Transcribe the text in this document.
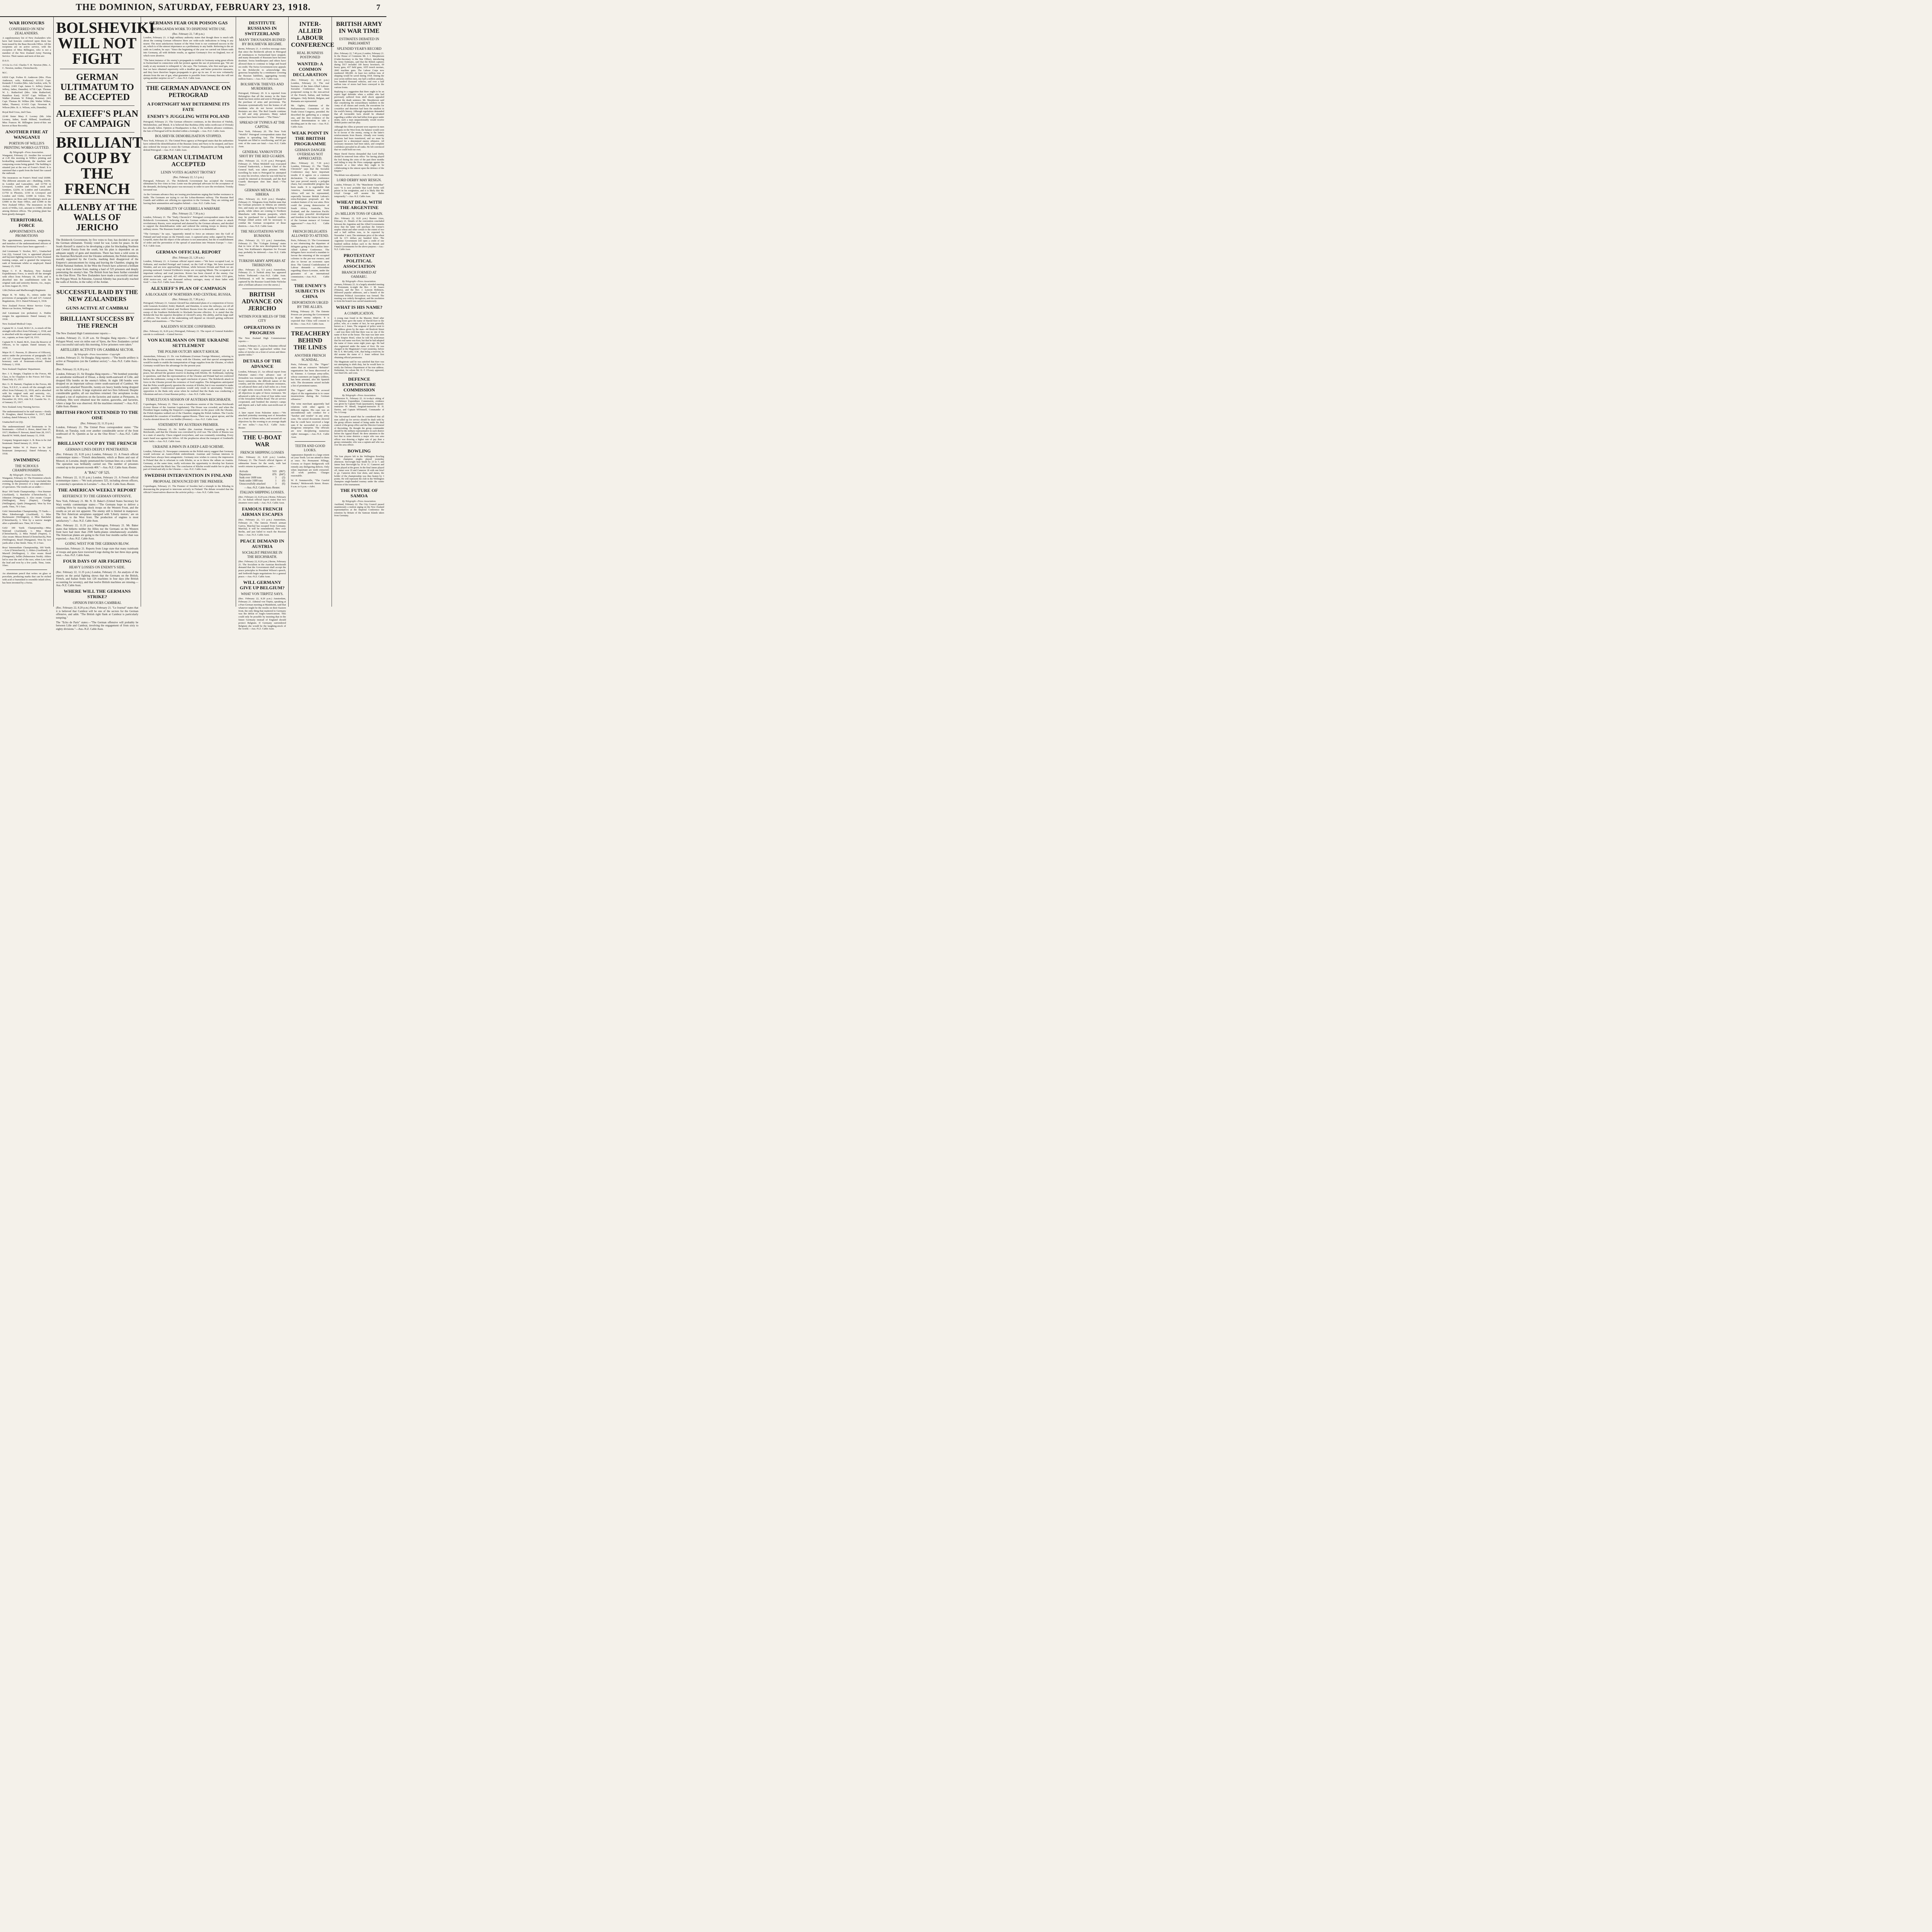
THE DOMINION, SATURDAY, FEBRUARY 23, 1918.	7
WAR HONOURS
CONFERRED ON NEW ZEALANDERS.

A supplementary list of New Zealanders who have had honours conferred upon them has been issued by the Base Records Office. All the recipients are on active service, with the exception of Miss Billington, who is not a member of the New Zealand Army Nursing Service. Their names and next-of-kin are:

D.S.O.

3/112a Lt.-Col. Charles T. H. Newton (Mrs. A. C. Newton, mother, Christchurch).

M.C.

6/830 Capt. Forbes H. Anderson (Mrs. Flora Anderson, wife, Kaikoura). 8/1110 Capt. Kenneth F. Gordon (Mrs. Ada Gordon, wife, Te Aroha). 2/401 Capt. James G. Jeffery (James Jeffery, father, Dunedin). 6/718 Capt. Thomas W. L. Rutherford (Mrs. John Rutherford, Hamilton East). 16/187 Capt. William H. Walker (Kamata W. Pohupi, Rotorua). 24/6 Capt. Thomas M. Wilkes (Mr. Walter Wilkes, father, Thames). 6/1433 Capt. Newman R. Wilson (Mrs. B. A. Wilson, wife, Dunedin).

Royal Red Cross, 2nd Class.

22/40 Sister Mary F. Looney (Mr. John Looney, father, South Hillend, Southland). Miss Frances M. Billington (next-of-kin not known at Base Records).

ANOTHER FIRE AT WANGANUI
PORTION OF WILLIS'S PRINTING WORKS GUTTED.
By Telegraph—Press Association.

Wanganui, February 22. Another fire occurred at 2.45 this morning in Willis's printing and bookselling establishment, the machine and composing rooms being gutted. The building is situated just at the rear of Foster's Hotel. It is surmised that a spark from the hotel fire caused the outbreak.

The insurances on Foster's Hotel total £6000. The different amounts are:—Building, £4250, in London and Lancashire, and £1750 in Liverpool, London and Globe; stock and furniture, £2250, in London and Lancashire, £1750 in Phoenix, £150 in Liverpool and London and Globe, £1000 in Union. The insurances on Ross and Glendining's stock are £3000 in the State Office, and £1000 in the New Zealand Office. The insurances on the stock of Willis, Ltd., amount to £3000, divided among thirteen offices. The printing plant has been greatly damaged.

TERRITORIAL FORCE
APPOINTMENTS AND PROMOTIONS

The appointments, promotions, resignations, and transfers of the undermentioned officers of the Territorial Force have been approved:—

2nd Lieutenant V. Stocker, M.C., Unattached List (Q), General List, is appointed physical and bayonet-fighting instructor in New Zealand training camps, and is granted the temporary rank of lieutenant whilst so employed. Dated January 25, 1918.

Major C. F. R. Mackesy, New Zealand Expeditionary Force, is struck off the strength with effect from February 18, 1918, and is absorbed into the establishment with his original rank and seniority thereto, viz., major, as from August 26, 1916.

12th (Nelson and Marlborough) Regiment.

Major R. W. Sidey, D., retires under the provisions of paragraphs 126 and 127, General Regulations, 1913. Dated February 6, 1918.

New Zealand Forces Motor Service Corps. Motor-car Section, Wellington.

2nd Lieutenant (on probation) A. Duthie resigns his appointment. Dated January 24, 1918.

New Zealand Medical Corps.

Captain W. A. Good, M.R.C.S., is struck off the strength with effect from February 1, 1918, and is absorbed with his original rank and seniority, viz., captain, as from April 18, 1911.

Captain W. S. Baird, M.D., from the Reserve of Officers, to be captain. Dated January 10, 1918.

Major H. C. Parsons, D. (Reserve of Officers), retires under the provisions of paragraphs 126 and 127, General Regulations, 1913, with the honorary rank of lieutenant-colonel. Dated February 1, 1918.

New Zealand Chaplains' Department.

Rev. J. S. Burgin, Chaplain to the Forces, 4th Class, to be Chaplain to the Forces 3rd Class. Dated July 21, 1917.

Rev. G. H. Barnett, Chaplain to the Forces, 4th Class, N.Z.E.F., is struck off the strength with effect from February 22, 1918, and is absorbed with his original rank and seniority, viz., chaplain to the Forces, 4th Class, as from December 20, 1916, vide N.Z. Gazette No. 11, of January 25, 1917.

New Zealand Army Nursing Service.

The undermentioned to be staff nurses:—Emily H. Douglass, dated November 6, 1917; Ruth Lindsay, dated February 4, 1918.

Unattached List (Q).

The undermentioned 2nd lieutenants to be lieutenants:—Gifford A. Rowe, dated June 25, 1917; Matthew P. Stewart, dated June 28, 1917; Harold W. Webb, dated January 15, 1918.

Company Sergeant-major A. B. Ross to be 2nd lieutenant. Dated January 21, 1918.

Sergeant Walter W. P. Pearce to be 2nd lieutenant (temporary). Dated February 4, 1918.

SWIMMING
THE SCHOOLS CHAMPIONSHIPS.
By Telegraph—Press Association.

Wanganui, February 22. The Dominion schools swimming championships were concluded this evening, in the presence of a large attendance of spectators. The results are as under:—

Boys' 100 Yards Championship.—Von Sturmer (Auckland), 1; Batcheler (Christchurch), 2; Johnston (Wanganui), 3. Also swam: Cooper (Wellington), Perry (Napier), Claridge (Wellington), Quirk (Wanganui). Won by five yards. Time, 70 1-5sec.

Girls' Intermediate Championship, 75 Yards.—Miss Edenborough (Auckland), 1; Miss Buckmaster (Wellington), 2; Miss Batcheler (Christchurch), 3. Won by a narrow margin after a splendid race. Time, 60 3-5sec.

Girls' 100 Yards Championship.—Miss Walrond (Auckland), 1; Miss Shand (Christchurch), 2; Miss Nuttall (Napier), 3. Also swam: Misses Bristol (Christchurch), Pent (Wellington), Braid (Wanganui). Won by two yards after a fine finish. Time, 91 2-5sec.

Boys' Intermediate Championship, 100 Yards.—Lew (Christchurch), 1; Ahlers (Auckland), 2; Murrell (Wellington), 3. Also swam: Bond (Wanganui), Sellitt (Palmerston North). Ahlers led to near the end of the race, when Lew took the lead and won by a few yards. Time, 1min. 10sec.

An aluminium pencil that writes on glass or porcelain, producing marks that can be etched with acid or burnished to resemble inlaid silver, has been invented by a Swiss.

BOLSHEVIKI WILL NOT FIGHT
GERMAN ULTIMATUM TO BE ACCEPTED
ALEXIEFF'S PLAN OF CAMPAIGN
BRILLIANT COUP BY THE FRENCH
ALLENBY AT THE WALLS OF JERICHO

The Bolshevik Government, by five votes to four, has decided to accept the German ultimatum. Trotsky voted for war, Lenin for peace. In the South Alexieff is stated to be developing a plan for blockading Northern and Central Russia from the south, but his plan is dependent on an adequate supply of guns and munitions. There has been a wild scene in the Austrian Reichsrath over the Ukraine settlement, the Polish members, morally supported by the Czechs, marking their disapproval of the Emperor's announcement by rising and leaving the Chamber, singing the Polish National Anthem. In the West the French have achieved a brilliant coup on their Lorraine front, making a haul of 525 prisoners and deeply penetrating the enemy's line. The British front has been further extended to the Oise River. The New Zealanders have made a successful raid near the Polygon Wood. In Palestine, General Allenby has practically reached the walls of Jericho, in the valley of the Jordan.

SUCCESSFUL RAID BY THE NEW ZEALANDERS
GUNS ACTIVE AT CAMBRAI
BRILLIANT SUCCESS BY THE FRENCH

The New Zealand High Commissioner reports:—

London, February 21, 11.20 a.m. Sir Douglas Haig reports:—"East of Polygon Wood, west six miles east of Ypres, the New Zealanders carried out a successful raid early this morning. A few prisoners were taken."

ARTILLERY ACTIVITY ON CAMBRAI SECTOR.
By Telegraph—Press Association—Copyright

London, February 21. Sir Douglas Haig reports:—"The hostile artillery is active at Flesquieres (on the Cambrai sector)."—Aus.-N.Z. Cable Assn.-Reuter.

(Rec. February 22, 8.20 p.m.)

London, February 21. Sir Douglas Haig reports:—"We bombed yesterday an aerodrome northward of Douai, a dump north-eastward of Lille, and dropped fifty bombs on the enemy's billets. At night 180 bombs were dropped on an important railway centre south-eastward of Cambrai. We successfully attacked Thionville, twenty-six heavy bombs being dropped on the railway station. A large explosion and two fires followed. Despite considerable gunfire, all our machines returned. Our aeroplanes to-day dropped a ton of explosives on the factories and station at Pirmasens, in Germany. Hits were obtained near the station, gasworks, and factories, where a large fire was observed. All the machines returned."—Aus.-N.Z. Cable Assn.-Reuter.

BRITISH FRONT EXTENDED TO THE OISE
(Rec. February 22, 11.35 p.m.)

London, February 21. The United Press correspondent states: "The British, on Tuesday, took over another considerable sector of the front southward of St. Quentin as far as the Oise River."—Aus.-N.Z. Cable Assn.

BRILLIANT COUP BY THE FRENCH
GERMAN LINES DEEPLY PENETRATED.

(Rec. February 22, 8.20 p.m.) London, February 21. A French official communique states:—"French detachments, which at Bures and east of Moncel, in Lorraine, deeply penetrated the German lines on a wide front. The operation was brilliantly carried out. The number of prisoners counted up to the present exceeds 400."—Aus.-N.Z. Cable Assn.-Reuter.

A "BAG" OF 525.

(Rec. February 22, 11.35 p.m.) London, February 21. A French official communique states:—"We took prisoners 525, including eleven officers, in yesterday's operations in Lorraine."—Aus.-N.Z. Cable Assn.-Reuter.

THE AMERICAN WEEKLY REPORT
REFERENCE TO THE GERMAN OFFENSIVE.

New York, February 21. Mr. N. D. Baker's (United States Secretary for War) weekly communique states:—"The Germans hope to deliver a crushing blow by massing shock troops on the Western Front, and the results as yet are not apparent. The enemy still is limited in manpower. The first American aeroplanes equipped with 'Liberty motors,' are on their way to the West front. The production of engines is most satisfactory."—Aus.-N.Z. Cable Assn.

(Rec. February 22, 11.35 p.m.) Washington, February 21. Mr. Baker states that hitherto neither the Allies nor the Germans on the Western front have had more than 2500 battle-planes simultaneously available. The American planes are going to the front four months earlier than was expected.—Aus.-N.Z. Cable Assn.

GOING WEST FOR THE GERMAN BLOW.

Amsterdam, February 21. Reports from Liege state that many trainloads of troops and guns have traversed Liege during the last three days going west.—Aus.-N.Z. Cable Assn.

FOUR DAYS OF AIR FIGHTING
HEAVY LOSSES ON ENEMY'S SIDE.

(Rec. February 22, 11.35 p.m.) London, February 21. An analysis of the reports on the aerial fighting shows that the Germans on the British, French, and Italian fronts lost 126 machines in four days (the British accounting for seventy), and that twelve British machines are missing.—Aus.-N.Z. Cable Assn.

WHERE WILL THE GERMANS STRIKE?
OPINION FAVOURS CAMBRAI.

(Rec. February 22, 8.20 p.m.) Paris, February 21. "Le Journal" states that it is believed that Cambrai will be one of the sectors for the German offensive, and adds: "The British right flank at Cambrai is particularly tempting."

The "Echo de Paris" states:—"The German offensive will probably be between Lille and Cambrai, involving the engagement of from sixty to eighty divisions."—Aus.-N.Z. Cable Assn.

GERMANS FEAR OUR POISON GAS
PROPAGANDA WORK TO DISPENSE WITH USE.
(Rec. February 22, 7.40 p.m.)

London, February 21. A high military authority states that though there is much talk about the coming German offensive there are wide-scale indications to bring it any nearer. The most satisfactory feature of the West front is our continued success in the air, which is of the utmost importance as a preliminary to any battle. Referring to the air raids on London, he says: "Since the beginning of the year we carried out fifteen raids into Germany, all with definite results, as against Germany's five on England, two of which were abortive.

"The latest instance of the enemy's propaganda is visible in Germany using great efforts in Switzerland in connection with her protest against the use of poisonous gas. 'We are ready at any moment to relinquish it,' she says. The Germans, who first used gas, now fear we have obtained superiority with a deadlier gas, and better protective measures, and they have therefore begun propaganda to give up its use. If we now voluntarily abstain from the use of gas, what guarantee is possible from Germany that she will not spring another surprise on us?"—Aus.-N.Z. Cable Assn.

THE GERMAN ADVANCE ON PETROGRAD
A FORTNIGHT MAY DETERMINE ITS FATE
ENEMY'S JUGGLING WITH POLAND

Petrograd, February 21. The German offensive continues, in the direction of Vitebsk, Molodetchno, and Minsk. It is believed that Rezhitsa (fifty miles north-east of Dvinsk) has already fallen. Opinion at Headquarters is that, if the northern advance continues, the fate of Petrograd will be decided within a fortnight.—Aus.-N.Z. Cable Assn.

BOLSHEVIK DEMOBILISATION STOPPED.

New York, February 21. The United Press agency at Petrograd states that the authorities have ordered the demobilisation of the Russian Army and Navy to be stopped, and have also ordered the troops to resist the German advance. Preparations are being made to defend Petrograd.—Aus.-N.Z. Cable Assn.

GERMAN ULTIMATUM ACCEPTED
LENIN VOTES AGAINST TROTSKY
(Rec. February 22, 5.5 p.m.)

Petrograd, February 21. The Bolshevik Government has accepted the German ultimatum by five votes to four. Lenin was the principal advocate for the acceptance of the demands, declaring that peace was necessary in order to save the revolution. Trotsky favoured war.

As the Germans advance they are issuing proclamations urging that further resistance is futile. The Germans are trying to cut the Lebau-Reemen railway. The Russian Red Guards and soldiers are offering no opposition to the Germans. They are retiring and leaving their ammunition and supplies behind.—Aus.-N.Z. Cable Assn.

POSSIBILITY OF GUERRILLA WARFARE
(Rec. February 22, 7.30 p.m.)

London, February 21. The "Daily Chronicle's" Petrograd correspondent states that the Bolshevik Government, believing that the German soldiers would refuse to attack revolutionary Russia, were surprised and alarmed by the German advance, and decided to support the demobilisation order and ordered the retiring troops to destroy their military stores. The Russians found too easily to cease to re-demobilise.

"The Germans," he says, "apparently intend to force an entrance into the Gulf of Finland and land troops on the Finnish coast. A captured army order, signed by Prince Leopold, states that the object of the advance is not annexation, but the re-establishment of order and the prevention of the spread of anarchism into Western Europe."—Aus.-N.Z. Cable Assn.

GERMAN OFFICIAL REPORT
(Rec. February 22, 1.20 a.m.)

London, February 21. A German official report states:—"We have occupied Leal, in Esthonia, and reached Pernigel and Lemsal, on the Gulf of Riga. We have traversed Wenden, and are now approaching Wolmar, while between Dvinsk and Pinsk we are pressing eastward. General Eichhorn's troops are occupying Minsk. The occupation of important railway and road junctions. Rovno has been cleared of the enemy. Our prisoners include a general, 425 officers, 9000 men; and the booty totals 1353 guns, 4500 motor-cars, and one thousand railway carriages, many of them laden with food."—Aus.-N.Z. Cable Assn.-Reuter.

ALEXIEFF'S PLAN OF CAMPAIGN
A BLOCKADE OF NORTHERN AND CENTRAL RUSSIA.
(Rec. February 22, 7.30 p.m.)

Petrograd, February 21. General Alexieff has elaborated plans of a conjunction of forces with Generals Kornilof, Erdel, Markoff, and Denekin, to seize the railways, cut off all communications with Central and Northern Russia from the south, and make a clean sweep of the Southern Bolsheviki to blockade become effective. It is stated that the Bolsheviki fear the superior discipline of Alexieff's army. His ability, and his large staff of officers. The results of the undertaking will depend on Alexieff getting sufficient artillery and munitions.—"The Times."

KALEDIN'S SUICIDE CONFIRMED.

(Rec. February 22, 8.20 p.m.) Petrograd, February 21. The report of General Kaledin's suicide is confirmed.—United Service.

VON KUHLMANN ON THE UKRAINE SETTLEMENT
THE POLISH OUTCRY ABOUT KHOLM.

Amsterdam, February 21. Dr. von Kuhlmann (German Foreign Minister), referring in the Reichstag to the economic treaty with the Ukraine, said that special arrangements would be made to enable the transportation of huge supplies from the Ukraine, of which Germany would have the advantage for the present year.

During the discussion, Herr Westarp (Conservative) expressed unmixed joy at the peace, but advised the greatest reserve in dealing with Kholm. Dr. Kuhlmann, replying to questions, said that the representatives of the Ukraine and Poland had not conferred before the settlement, owing to the rapid conclusion of peace. The Bolshevik attack in force in the Ukraine proved the existence of food supplies. The delegations anticipated that the Poles would gravely question the cession of Kholm, but it was essential to make peace speedily. Controversial questions would only result in uncertainty. Trotsky's opposition to the Rada only arose when he realised that the Rada was conducting a Ukrainian and not a Great Russian policy.—Aus.-N.Z. Cable Assn.

TUMULTUOUS SESSION OF AUSTRIAN REICHSRATH.

Copenhagen, February 21. There was a tumultuous session of the Vienna Reichsrath (Lower House of the Austrian Legislature). The House was crowded, and when the President began reading the Emperor's congratulations on the peace with the Ukraine, the Polish deputies walked out of the Chamber, singing the Polish Anthem. The Czechs demanded the cessation of hostilities against Russia. There was a great uproar, and the Czechs shouted down Dr. von Seidler (Premier).—Aus.-N.Z. Cable Assn.

STATEMENT BY AUSTRIAN PREMIER.

Amsterdam, February 21. Dr. Seidler (the Austrian Premier), speaking in the Reichsrath, said that the Ukraine was convulsed by civil war. The whole of Russia was in a state of anarchy. Chaos reigned everywhere, and was constantly extending. Every man's hand was against his fellow. All the prophecies about the transport of foodstuffs were futile.—Aus.-N.Z. Cable Assn.

UKRAINE A PAWN IN A DEEP-LAID SCHEME.

London, February 21. Newspaper comments on the Polish outcry suggest that Germany would welcome an Austro-Polish embroilment. Austrian and German interests in Poland have always been antagonistic. Germany now wishes to convey the impression in Poland that she is reluctant to cede Kholm, so as to throw the odium on Austria. Germany, at the same time, really welcomes the opportunity to develop her Eastern schemes beyond the Black Sea. The conclusion of Kholm would enable her to play the part of friend and ally to the Ukraine.—Aus.-N.Z. Cable Assn.

SWEDISH INTERVENTION IN FINLAND
PROPOSAL DENOUNCED BY THE PREMIER.

Copenhagen, February 21. The Premier of Sweden had a triumph in the Riksdag in denouncing the proposal to intervene actively in Finland. The debate revealed that the official Conservatives disavow the activist policy.—Aus.-N.Z. Cable Assn.

DESTITUTE RUSSIANS IN SWITZERLAND
MANY THOUSANDS RUINED BY BOLSHEVIK REGIME.

Berne, February 21. A wireless message states that since the Bolshevik advent in Petrograd all remittances to Switzerland have stopped, and many thousands of Russians have become destitute. Swiss hotelkeepers and others have allowed them to continue to lodge and board on credit. The Swiss Government now appeals to the Bolsheviki to acknowledge this generous hospitality by a remittance covering the Russian liabilities, aggregating twenty million francs.—Aus.-N.Z. Cable Assn.

BOLSHEVIK THIEVES AND MURDERERS.

Petrograd, February 20. It is reported from Helsingfors that all the money in the State Bank has been stolen and sent to Petrograd for the purchase of arms and provisions. The Russians systematically loot the homes of all residents who do not favour revolution. Resisters are shot. The Red Guards continue to kill and strip prisoners. Many naked corpses have been found.—"The Times."

SPREAD OF TYPHUS AT THE CAPITAL

New York, February 20. The New York "World's" Petrograd correspondent states that typhus is spreading fast. The Petrograd hospitals are filled to overflowing, and 60 per cent. of the cases are fatal.—Aus.-N.Z. Cable Assn.

GENERAL YANKOVITCH SHOT BY THE RED GUARDS.

(Rec. February 22, 11.35 p.m.) Petrograd, February 21. When Mohileff was evacuated General Yankovitch, a former Chief of the General Staff, was taken prisoner. While travelling by train to Petrograd he attempted to seize his revolver, when he was told that he would be interned at Kronstadt, and the Red Guards thereupon shot him dead.—"The Times."

GERMAN MENACE IN SIBERIA

(Rec. February 22, 8.20 p.m.) Shanghai, February 21. Telegrams from Harbin state that the German prisoners in Siberia are entirely free, and many are openly trading in German goods, while others are coming to Northern Manchuria with Russian passports, which may be purchased for a hundred roubles. Prompt Allied action will be necessary to combat the German occupation of these districts.—Aus.-N.Z. Cable Assn.

THE NEGOTIATIONS WITH RUMANIA

(Rec. February 22, 5.5 p.m.) Amsterdam, February 21. The "Cologne Zeitung" states that in view of the new development in the East, Von Kuhlmann's departure for Focsani may probably be deferred.—Aus.-N.Z. Cable Assn.

TURKISH ARMY APPEARS AT TREBIZOND.

(Rec. February 22, 5.5 p.m.) Amsterdam, February 21. A Turkish army has appeared before Trebizond.—Aus.-N.Z. Cable Assn. [Trebizond, it will be remembered, was captured by the Russian Grand Duke Nicholas after a brilliant advance over the snows.]

BRITISH ADVANCE ON JERICHO
WITHIN FOUR MILES OF THE CITY
OPERATIONS IN PROGRESS

The New Zealand High Commissioner reports:—

London, February 21, 2 p.m. Palestine official report:—"We have approached within four miles of Jericho on a front of seven and three-quarter miles."

DETAILS OF THE ADVANCE

London, February 21. An official report from Palestine states:—Our advance east of Jerusalem was resumed yesterday. In spite of heavy rainstorms, the difficult nature of the country, and the enemy's obstinate resistance, we advanced three and a half miles on a front of eight miles towards Jericho. We captured all objectives in spite of fierce resistance. We advanced a mile on a front of four miles west of the Jerusalem-Nablus Road. The air service cooperated, and bombed the enemy's camps and depots and a half miles east-north-east of Jericho.

A later report from Palestine states:—"We attacked yesterday morning east of Jerusalem on a front of fifteen miles, and secured all our objectives by the evening to an average depth of two miles."—Aus.-N.Z. Cable Assn.-Reuter.

THE U-BOAT WAR
FRENCH SHIPPING LOSSES

(Rec. February 22, 8.20 p.m.) London, February 21. The French official figures of submarine losses for the week, with last week's returns in parentheses, are:—

Arrivals	919	(867)
Departures	876	(847)
Sunk over 1600 tons	3	(3)
Sunk under 1600 tons	1	(0)
Unsuccessfully attacked	3	(6)
—Aus.-N.Z. Cable Assn.-Reuter.
ITALIAN SHIPPING LOSSES.

(Rec. February 22, 8.20 p.m.) Rome, February 21. An Italian official report states that two steamers were sunk.—Aus.-N.Z. Cable Assn.

FAMOUS FRENCH AIRMAN ESCAPES

(Rec. February 22, 5.5 p.m.) Amsterdam, February 21. The famous French airman Garros, Marchal has escaped from Germany. Marchal, it will be remembered, flew over Berlin, and just failed to reach the Russian lines.—Aus.-N.Z. Cable Assn.

PEACE DEMAND IN AUSTRIA
SOCIALIST PRESSURE IN THE REICHSRATH.

(Rec. February 22, 8.20 p.m.) Berne, February 21. The Socialists in the Austrian Reichsrath demand that the Government shall accept the peace principles in President Wilson's speech, and forthwith begin negotiations for a general peace.—Aus.-N.Z. Cable Assn.

WILL GERMANY GIVE UP BELGIUM?
WHAT VON TIRPITZ SAYS.

(Rec. February 22, 8.20 p.m.) Amsterdam, February 21. Admiral von Tirpitz, speaking at a Pan-German meeting at Mannheim, said that whatever might be the results on their Eastern front, the only thing that mattered to Germany was the defeat of Anglo-Americanism. This could only be possible by insisting that in the future Germany instead of England should protect Belgium. If Germany surrendered Belgium she would be the laughing-stock of the world.—Aus.-N.Z. Cable Assn.

INTER-ALLIED LABOUR CONFERENCE
REAL BUSINESS POSTPONED
WANTED: A COMMON DECLARATION

(Rec. February 22, 8.20 p.m.) London, February 21. The real business of the Inter-Allied Labour-Socialist Conference has been postponed owing to the non-arrival of the French, Italian, and Serbian delegates. Only British, Belgian, and Rumania are represented.

Mr. Ogden, chairman of the Parliamentary Committee of the Trade Union Congress, presided. He described the gathering as a unique one, and the first evidence of the workers' determination to take a deciding part in the war.—Aus.-N.Z. Cable Assn.

WEAK POINT IN THE BRITISH PROGRAMME
GERMAN DANGER OVERSEAS NOT APPRECIATED.

(Rec. February 22, 7.30 p.m.) London, February 21. The "Daily Chronicle" says that the Socialist Conference may have important results if it agrees on a common declaration. "A similar conference last year proved merely a polyglot chaos, but considerable progress has been made. It is regrettable that America, Australasia, and South Africa will not be represented, especially because British Labour's extra-European proposals are the weakest feature of its war aims. How could the young democracies of South Africa, Australia, New Zealand, and the American Pacific coast enjoy peaceful development and freedom in the future in the face of the German menace of German aggression?"—Aus.-N.Z. Cable Assn.

FRENCH DELEGATES ALLOWED TO ATTEND.

Paris, February 21. The Government is not obstructing the departure of delegates going to the London Inter-Allied Labour Conference. The delegates have received a mandate to favour the returning of the occupied colonies to the pre-war owners; and also to favour an economic open door. The General Confederation of Labour demands a referendum regarding Alsace-Lorraine, under the guarantee of an international commission.—Aus.-N.Z. Cable Assn.

THE ENEMY'S SUBJECTS IN CHINA
DEPORTATION URGED BY THE ALLIES.

Peking, February 20. The Entente Powers are pressing the Government to deport enemy subjects. It is expected that China will consent to do this.—Aus.-N.Z. Cable Assn.

TREACHERY BEHIND THE LINES
ANOTHER FRENCH SCANDAL.

Paris, February 21. The "Figaro" states that an extensive "defeatist" organisation has been discovered at St. Etienne. A German army-seller, whose customers are largely soldiers, has been arrested, also his Spanish wife. The documents seized include a list of prominent names.

The "Figaro" adds: "The avowed object of the organisation is to cause insurrections during the German offensive."

The wine merchant apparently had relations with other agents in different regions. His case was an unconditional safe conduct for a "hawker and vendor" in any army zone. The seized documents showed that he could have received a large sum if he succeeded in a certain dangerous enterprise. The officials are now deciphering numerous cipher messages.—Aus.-N.Z. Cable Assn.

TEETH AND GOOD LOOKS.

Appearance depends to a large extent on your Teeth. Let me attend to them at once. No Permanent Fillings, Crowns or Expert Bridgework will remedy any disfiguring defects. Only when important are teeth extracted. All work painless. Charges reasonable.

W. P. Sommerville, "The Careful Dentist," Molesworth Street. Hours: 9 a.m. to 6 p.m.—Advt.

BRITISH ARMY IN WAR TIME
ESTIMATES DEBATED IN PARLIAMENT
SPLENDID YEAR'S RECORD

(Rec. February 22, 7.40 p.m.) London, February 21. In the House of Commons Mr. J. I. Macpherson (Under-Secretary to the War Office), introducing the Army Estimates, said that the British captures during 1917 included 109 heavy howitzers, 69 heavy guns, 437 field guns, 1055 trench mortars, 2843 machine guns. The Labour Corps now numbered 300,000. At least two million tons of shipping would be saved during 1918. During the year seven million men, one half a million animals, two hundred thousand vehicles, and over a half million tons of stores had been conveyed to the various fronts.

Replying to a suggestion that there ought to be an expert legal defender when a soldier who had previously suffered from shell shock appealed against the death sentence, Mr. Macpherson said that considering the extraordinary numbers in the Army of all classes and creeds, the executions for cowardice and desertion had been the smallest in the world's history. Although regulations demanded that all favourable facts should be obtained regarding a soldier who had fallen from grace under strain, such a man unquestionably would receive British justice and fair play.

Although the Allies at present were superior in men and guns on the West front, the balance would soon be in favour of the enemy, owing to the latter's reinforcements from Russia. Already over twenty divisions had been transferred, and we must be prepared for a determined enemy offensive. All necessary measures had been taken, and complete confidence prevailed in all ranks. He felt convinced that we could hold our own.

Major David Davies demanded that Lord Derby should be removed from office "for having played the fool during the crisis of the past three months and failing to stop the Press campaign against the Generals at a time when they ought to be collaborating to the utmost upon the defence of the Empire."

The debate was adjourned.—Aus.-N.Z. Cable Assn.

LORD DERBY MAY RESIGN.

London, February 21. The "Manchester Guardian" says: "It is now probable that Lord Derby will persist in his resignation, and it is likely that Mr. Lloyd George will assume his duties temporarily."—Aus.-N.Z. Cable Assn.

WHEAT DEAL WITH THE ARGENTINE
2½ MILLION TONS OF GRAIN.

(Rec. February 22, 8.20 p.m.) Buenos Aires, February 21. Details of the convention concluded between the Argentine and the Allied Governments show that the latter will purchase the former's surplus wheat and other cereals to the extent of two and a half million tons, to be exported by November 1 next. The minimum price of the wheat will be 11½ dollars per hundred kilos. The Argentine Government will open a credit of one hundred million dollars each to the British and French Governments for the above purpose.—Aus.-N.Z. Cable Assn.

PROTESTANT POLITICAL ASSOCIATION
BRANCH FORMED AT OAMARU.
By Telegraph—Press Association.

Oamaru, February 22. At a largely attended meeting of Protestants to-night the Rev. J. M. Isaacs (Timaru), and the Rev. J. Lawson Robinson, delivered popular addresses, and a branch of the Protestant Political Association was formed. The meeting was orderly throughout, and the resolution to form the branch was carried unanimously.

WHAT IS HIS NAME?
A COMPLICATION.

A young man found in the Masonic Hotel after closing hours gave the name of Harold Kerr to the police, who, as a matter of fact, he was generally known as J. Jones. The sergeant of police went to the address given by the man—44 Boulcott Street—and was there told that there was no one of the name of Kerr at the house. The man was later seen at the Empire Hotel, when he told the policeman that his real name was Kerr, but that he had adopted the name of Jones some eight years ago. He had also registered under the name of Kerr. He was charged in the Magistrate's Court yesterday, before Mr. S. E. McCarthy, S.M., that being a reservist, he did assume the name of J. Jones without first obtaining official permission.

The Magistrate said he was satisfied that Kerr was not attempting to shirk duty, but he would have to notify the Defence Department of his true address. Defendant, for whom Mr. H. F. O'Leary appeared, was fined 20s. and costs.

DEFENCE EXPENDITURE COMMISSION
By Telegraph—Press Association.

Palmerston N., February 22. At to-day's sitting of the Defence Expenditure Commission, evidence was given by Captain Trask (paymaster), Sergeant-instructor W. Mendl, Sergeant-instructor H. H. Davies, and Captain M'Donnell, Commander of No. 6 Group.

The last-named stated that he considered that all men called up for service should be dealt with by the group officers instead of being under the dual control of the group office and the Director-General of Recruiting. He thought the group commander should be the military representative in each district before the Appeal Board. He drew attention to the fact that in some districts a major who was area officer was drawing a higher rate of pay than a group commander, who was a captain and who was over the area officer.

BOWLING

The four players left in the Wellington Bowling Club's champion singles played yesterday afternoon. Sievwright beat Smith by 23 to 7, and James beat Sievwright by 19 to 11. Cameron and James played at the green. In the final James played off, James won 19 and Cameron 18 with one bowl to go. Cameron drew four shots, and James, the holder of the championship was thus beaten by 3 points. He will represent the club in the Wellington champion single-handed tourney under the centre division of the tournament.

THE FUTURE OF SAMOA
By Telegraph—Press Association.

Auckland, February 22. The City Council passed unanimously a motion urging on the New Zealand representatives at the Imperial Conference the retention by Britain of the Samoan Islands taken from Germany.
